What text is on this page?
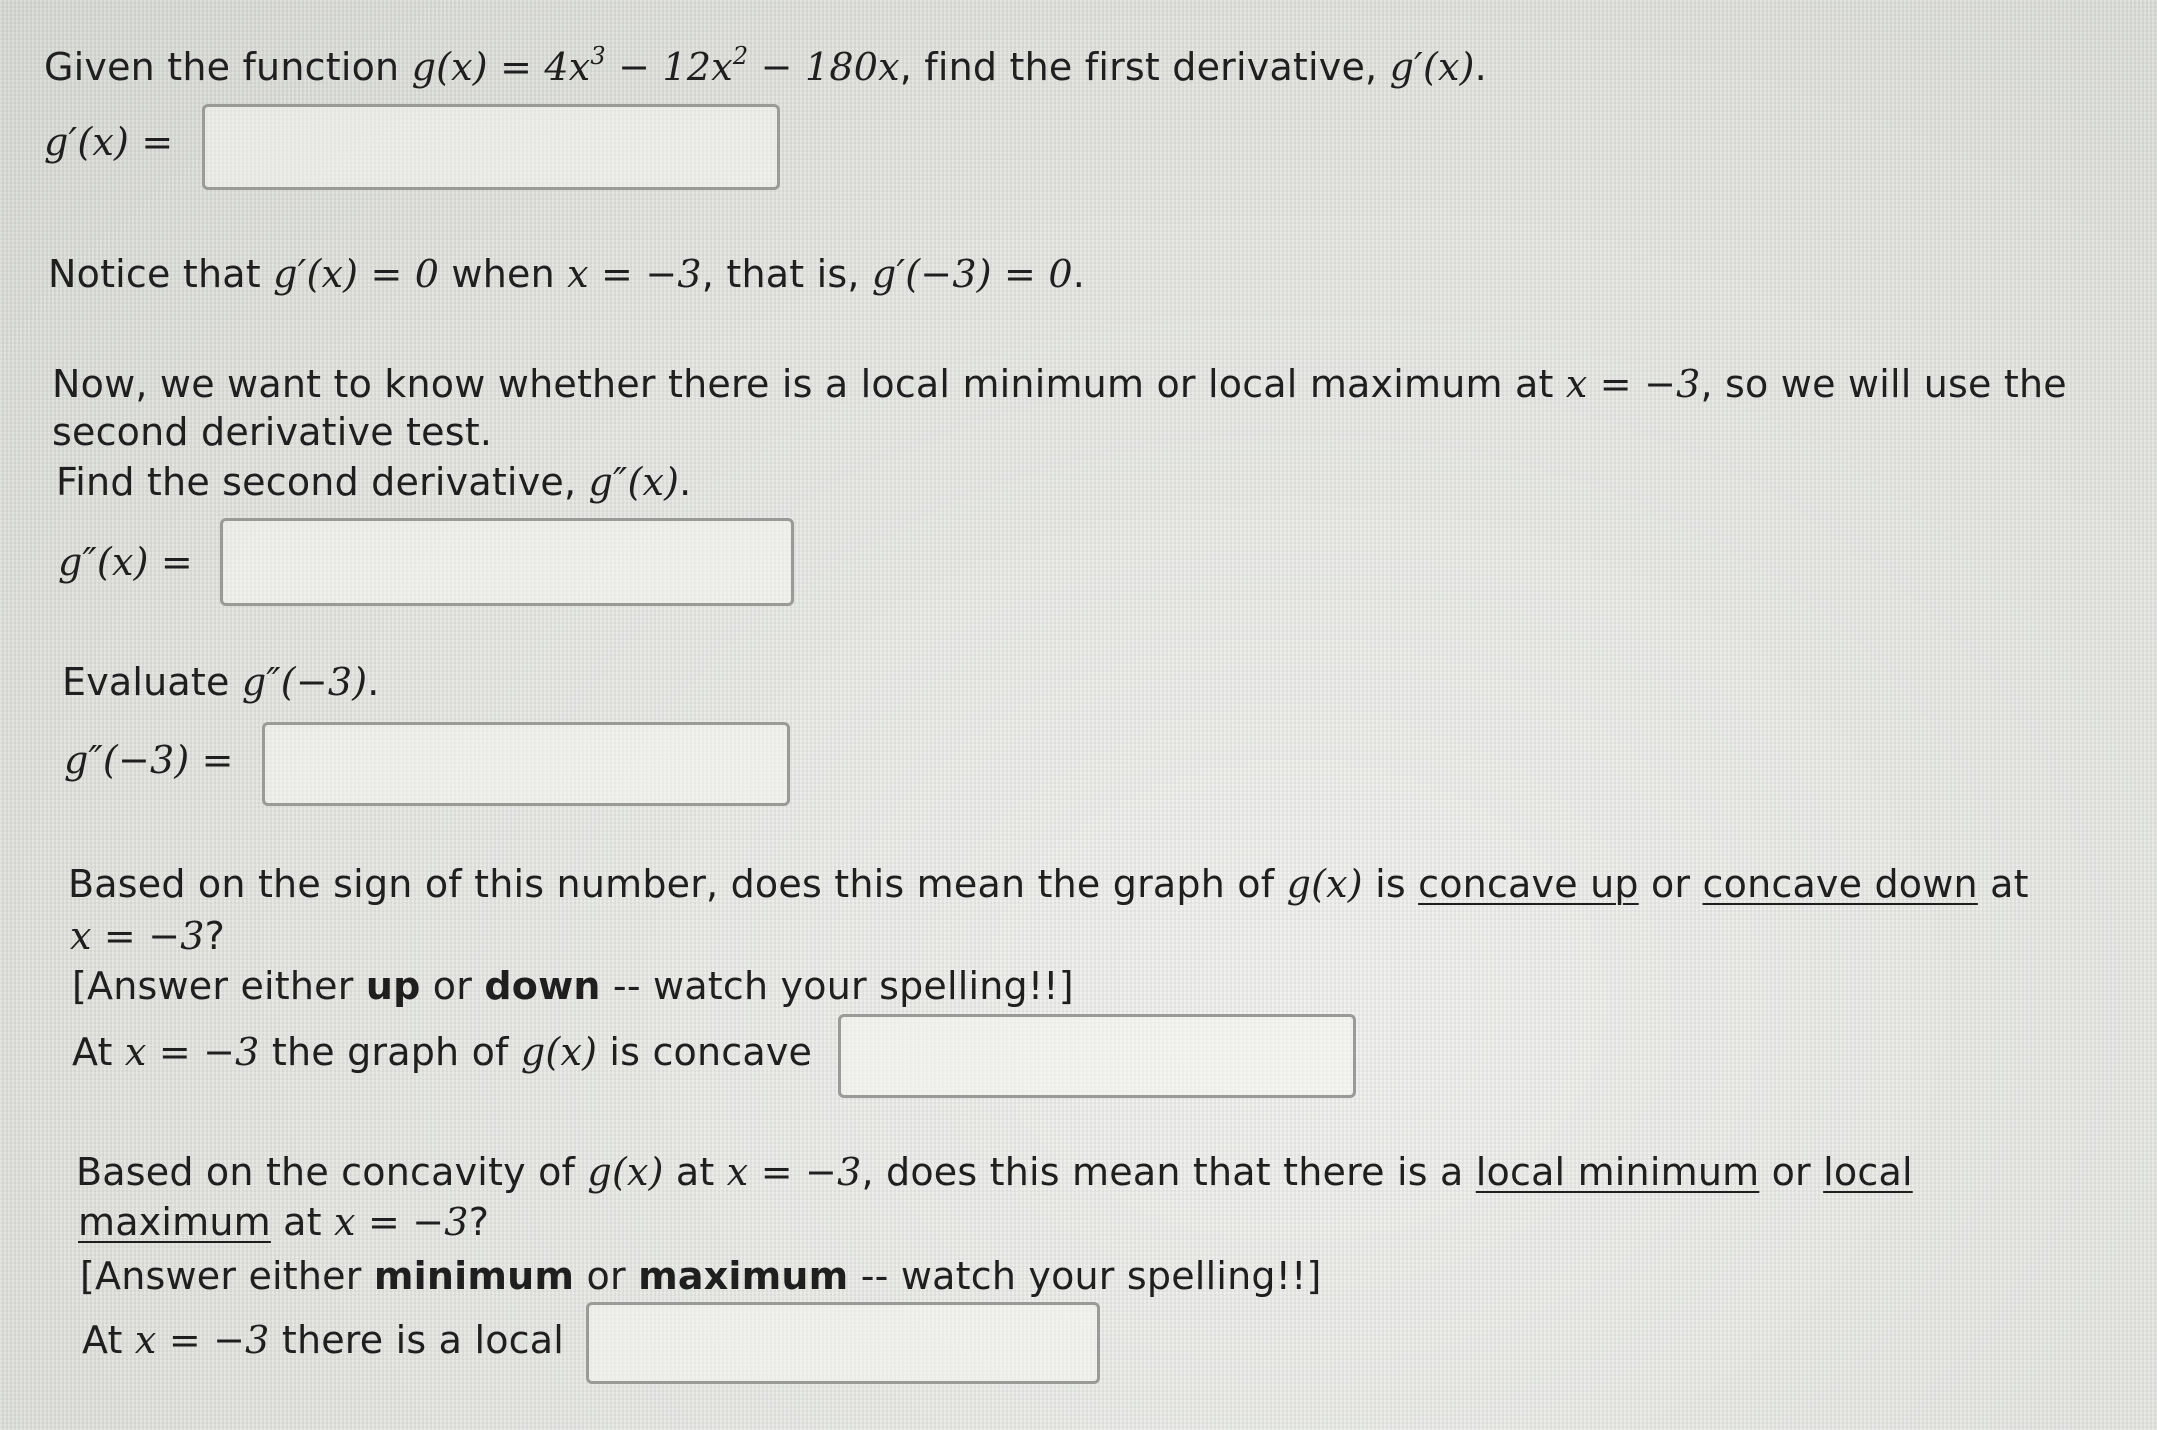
Given the function $g(x) = 4x^3 - 12x^2 - 180x$, find the first derivative, g′(x).
g′(x) =
Notice that g′(x) = 0 when x = −3, that is, g′(−3) = 0.
Now, we want to know whether there is a local minimum or local maximum at x = −3, so we will use the
second derivative test.
Find the second derivative, g″(x).
g″(x) =
Evaluate g″(−3).
g″(−3) =
Based on the sign of this number, does this mean the graph of g(x) is concave up or concave down at
x = −3?
[Answer either up or down -- watch your spelling!!]
At x = −3 the graph of g(x) is concave
Based on the concavity of g(x) at x = −3, does this mean that there is a local minimum or local
maximum at x = −3?
[Answer either minimum or maximum -- watch your spelling!!]
At x = −3 there is a local
